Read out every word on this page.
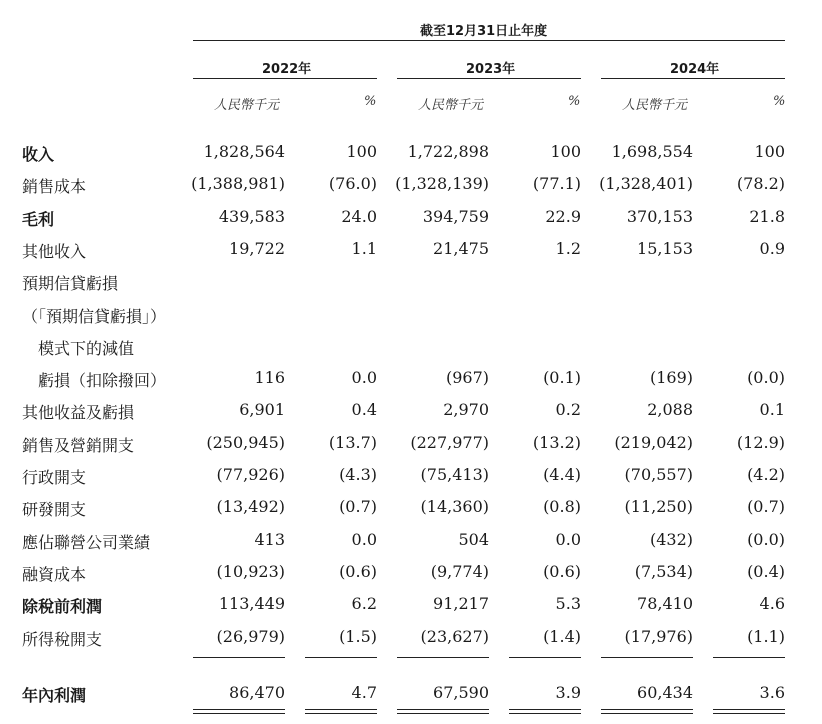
截至12月31日止年度
2022年	2023年	2024年
人民幣千元	%	人民幣千元	%	人民幣千元	%
收入	1,828,564	100 1,722,898	100 1,698,554	100
銷售成本	(1,388,981)	(76.0) (1,328,139)	(77.1) (1,328,401)	(78.2)
毛利	439,583	24.0	394,759	22.9	370,153	21.8
其他收入	19,722	1.1	21,475	1.2	15,153	0.9
預期信貸虧損
（「預期信貸虧損」）
模式下的減值
虧損（扣除撥回）	116	0.0	(967)	(0.1)	(169)	(0.0)
其他收益及虧損	6,901	0.4	2,970	0.2	2,088	0.1
銷售及營銷開支	(250,945)	(13.7) (227,977)	(13.2) (219,042)	(12.9)
行政開支	(77,926)	(4.3)	(75,413)	(4.4)	(70,557)	(4.2)
研發開支	(13,492)	(0.7)	(14,360)	(0.8)	(11,250)	(0.7)
應佔聯營公司業績	413	0.0	504	0.0	(432)	(0.0)
融資成本	(10,923)	(0.6)	(9,774)	(0.6)	(7,534)	(0.4)
除稅前利潤	113,449	6.2	91,217	5.3	78,410	4.6
所得稅開支	(26,979)	(1.5)	(23,627)	(1.4)	(17,976)	(1.1)
年內利潤	86,470	4.7	67,590	3.9	60,434	3.6
